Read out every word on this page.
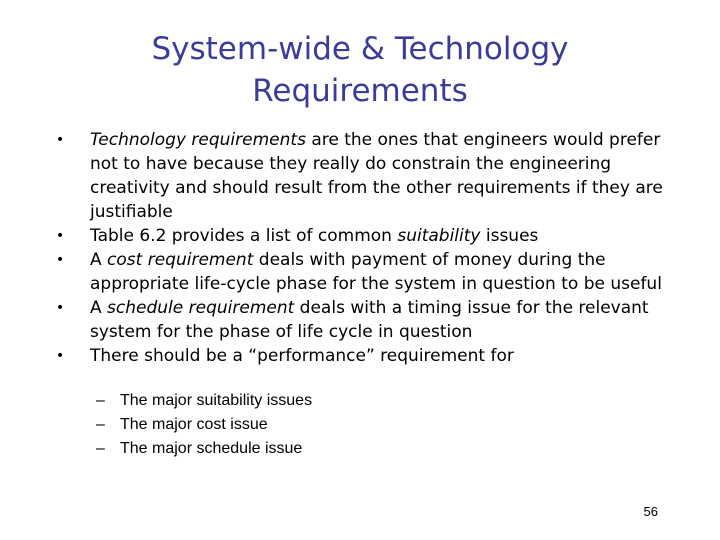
System-wide & Technology
Requirements
•	Technology requirements are the ones that engineers would prefer not to have because they really do constrain the engineering creativity and should result from the other requirements if they are justifiable
•	Table 6.2 provides a list of common suitability issues
•	A cost requirement deals with payment of money during the appropriate life-cycle phase for the system in question to be useful
•	A schedule requirement deals with a timing issue for the relevant system for the phase of life cycle in question
•	There should be a “performance” requirement for
– The major suitability issues
– The major cost issue
– The major schedule issue
56
